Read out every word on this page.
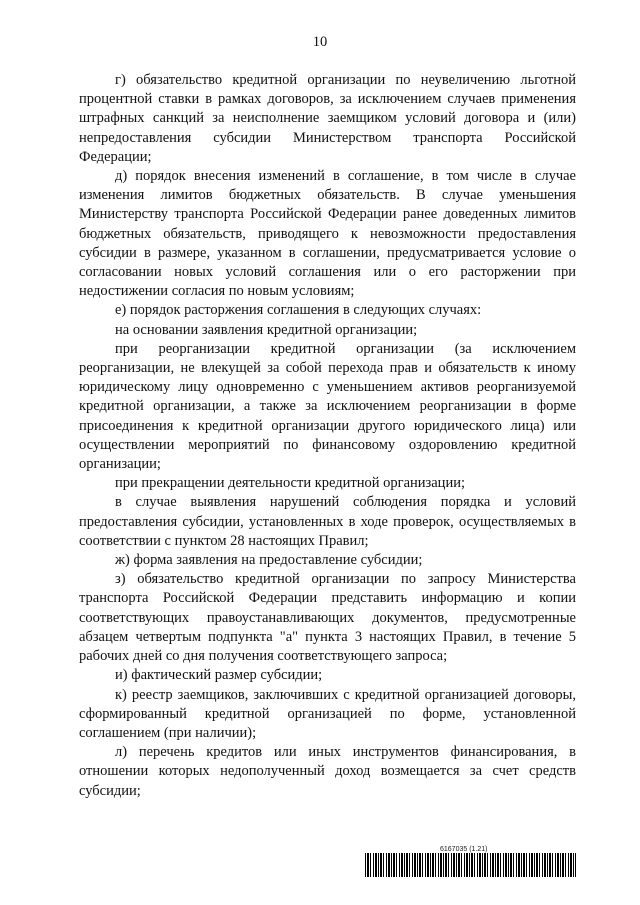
10

г) обязательство кредитной организации по неувеличению льготной процентной ставки в рамках договоров, за исключением случаев применения штрафных санкций за неисполнение заемщиком условий договора и (или) непредоставления субсидии Министерством транспорта Российской Федерации;

д) порядок внесения изменений в соглашение, в том числе в случае изменения лимитов бюджетных обязательств. В случае уменьшения Министерству транспорта Российской Федерации ранее доведенных лимитов бюджетных обязательств, приводящего к невозможности предоставления субсидии в размере, указанном в соглашении, предусматривается условие о согласовании новых условий соглашения или о его расторжении при недостижении согласия по новым условиям;

е) порядок расторжения соглашения в следующих случаях:

на основании заявления кредитной организации;

при реорганизации кредитной организации (за исключением реорганизации, не влекущей за собой перехода прав и обязательств к иному юридическому лицу одновременно с уменьшением активов реорганизуемой кредитной организации, а также за исключением реорганизации в форме присоединения к кредитной организации другого юридического лица) или осуществлении мероприятий по финансовому оздоровлению кредитной организации;

при прекращении деятельности кредитной организации;

в случае выявления нарушений соблюдения порядка и условий предоставления субсидии, установленных в ходе проверок, осуществляемых в соответствии с пунктом 28 настоящих Правил;

ж) форма заявления на предоставление субсидии;

з) обязательство кредитной организации по запросу Министерства транспорта Российской Федерации представить информацию и копии соответствующих правоустанавливающих документов, предусмотренные абзацем четвертым подпункта "а" пункта 3 настоящих Правил, в течение 5 рабочих дней со дня получения соответствующего запроса;

и) фактический размер субсидии;

к) реестр заемщиков, заключивших с кредитной организацией договоры, сформированный кредитной организацией по форме, установленной соглашением (при наличии);

л) перечень кредитов или иных инструментов финансирования, в отношении которых недополученный доход возмещается за счет средств субсидии;

6167035 (1.21)
